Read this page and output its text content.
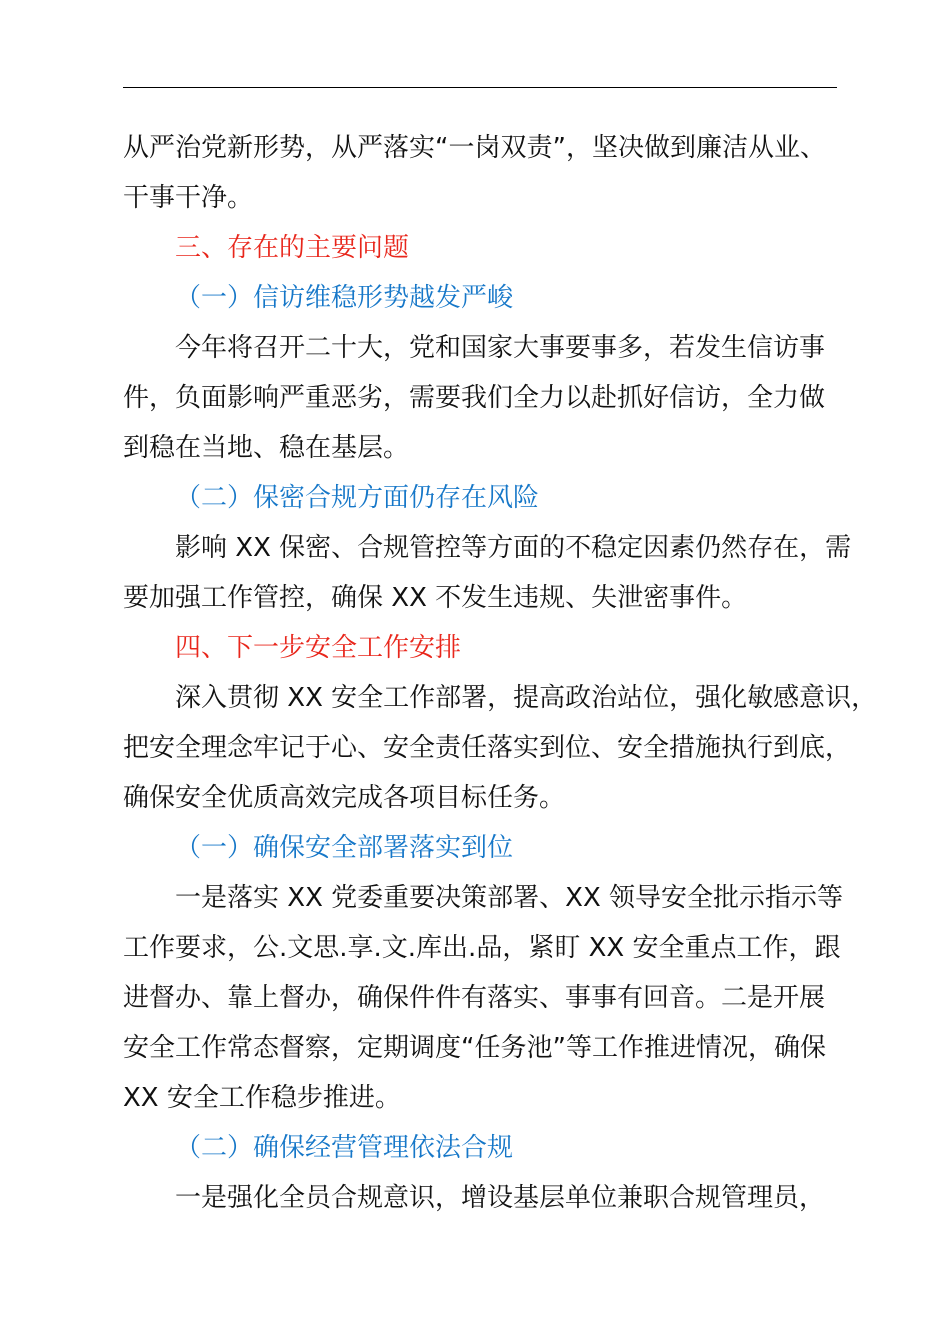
从严治党新形势，从严落实“一岗双责”，坚决做到廉洁从业、
干事干净。
三、存在的主要问题
（一）信访维稳形势越发严峻
今年将召开二十大，党和国家大事要事多，若发生信访事
件，负面影响严重恶劣，需要我们全力以赴抓好信访，全力做
到稳在当地、稳在基层。
（二）保密合规方面仍存在风险
影响 XX 保密、合规管控等方面的不稳定因素仍然存在，需
要加强工作管控，确保 XX 不发生违规、失泄密事件。
四、下一步安全工作安排
深入贯彻 XX 安全工作部署，提高政治站位，强化敏感意识，
把安全理念牢记于心、安全责任落实到位、安全措施执行到底，
确保安全优质高效完成各项目标任务。
（一）确保安全部署落实到位
一是落实 XX 党委重要决策部署、XX 领导安全批示指示等
工作要求，公.文思.享.文.库出.品，紧盯 XX 安全重点工作，跟
进督办、靠上督办，确保件件有落实、事事有回音。二是开展
安全工作常态督察，定期调度“任务池”等工作推进情况，确保
XX 安全工作稳步推进。
（二）确保经营管理依法合规
一是强化全员合规意识，增设基层单位兼职合规管理员，
